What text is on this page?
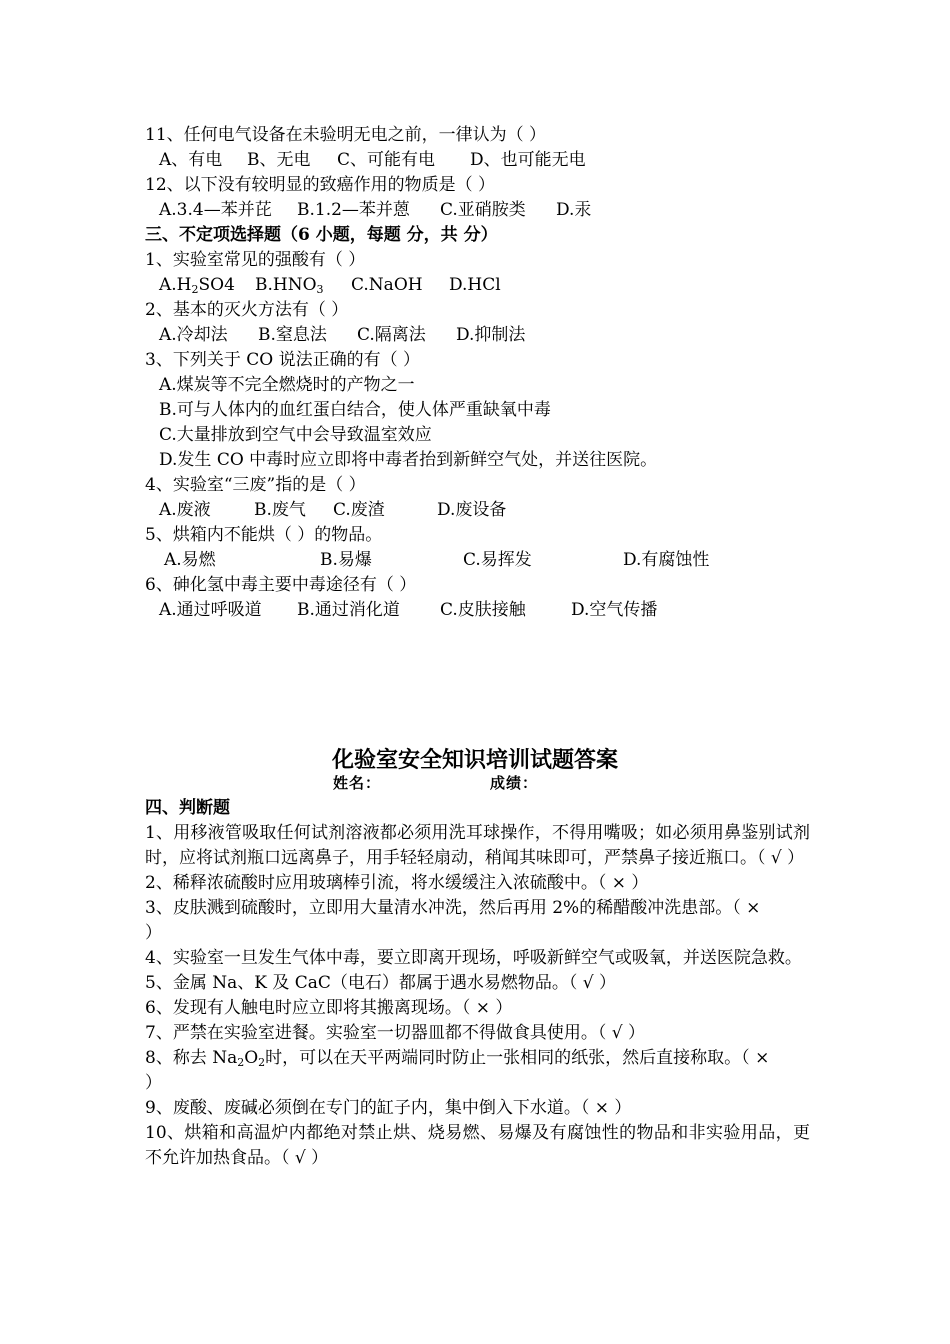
11、任何电气设备在未验明无电之前，一律认为（ ）
A、有电 B、无电 C、可能有电 D、也可能无电
12、以下没有较明显的致癌作用的物质是（ ）
A.3.4—苯并芘 B.1.2—苯并蒽 C.亚硝胺类 D.汞
三、不定项选择题（6 小题，每题 分，共 分）
1、实验室常见的强酸有（ ）
$A.H_2SO4$ $B.HNO_3$ C.NaOH D.HCl
2、基本的灭火方法有（ ）
A.冷却法 B.窒息法 C.隔离法 D.抑制法
3、下列关于 CO 说法正确的有（ ）
A.煤炭等不完全燃烧时的产物之一
B.可与人体内的血红蛋白结合，使人体严重缺氧中毒
C.大量排放到空气中会导致温室效应
D.发生 CO 中毒时应立即将中毒者抬到新鲜空气处，并送往医院。
4、实验室“三废”指的是（ ）
A.废液	B.废气 C.废渣	D.废设备
5、烘箱内不能烘（ ）的物品。
A.易燃	B.易爆	C.易挥发	D.有腐蚀性
6、砷化氢中毒主要中毒途径有（ ）
A.通过呼吸道 B.通过消化道 C.皮肤接触	D.空气传播
化验室安全知识培训试题答案
姓名：	成绩：
四、判断题
1、用移液管吸取任何试剂溶液都必须用洗耳球操作，不得用嘴吸；如必须用鼻鉴别试剂时，应将试剂瓶口远离鼻子，用手轻轻扇动，稍闻其味即可，严禁鼻子接近瓶口。（ √ ）
2、稀释浓硫酸时应用玻璃棒引流，将水缓缓注入浓硫酸中。（ × ）
3、皮肤溅到硫酸时，立即用大量清水冲洗，然后再用 2%的稀醋酸冲洗患部。（ ×
）
4、实验室一旦发生气体中毒，要立即离开现场，呼吸新鲜空气或吸氧，并送医院急救。
5、金属 Na、K 及 CaC（电石）都属于遇水易燃物品。（ √ ）
6、发现有人触电时应立即将其搬离现场。（ × ）
7、严禁在实验室进餐。实验室一切器皿都不得做食具使用。（ √ ）
8、称去 $Na_2O_2$时，可以在天平两端同时防止一张相同的纸张，然后直接称取。（ ×
）
9、废酸、废碱必须倒在专门的缸子内，集中倒入下水道。（ × ）
10、烘箱和高温炉内都绝对禁止烘、烧易燃、易爆及有腐蚀性的物品和非实验用品，更不允许加热食品。（ √ ）
